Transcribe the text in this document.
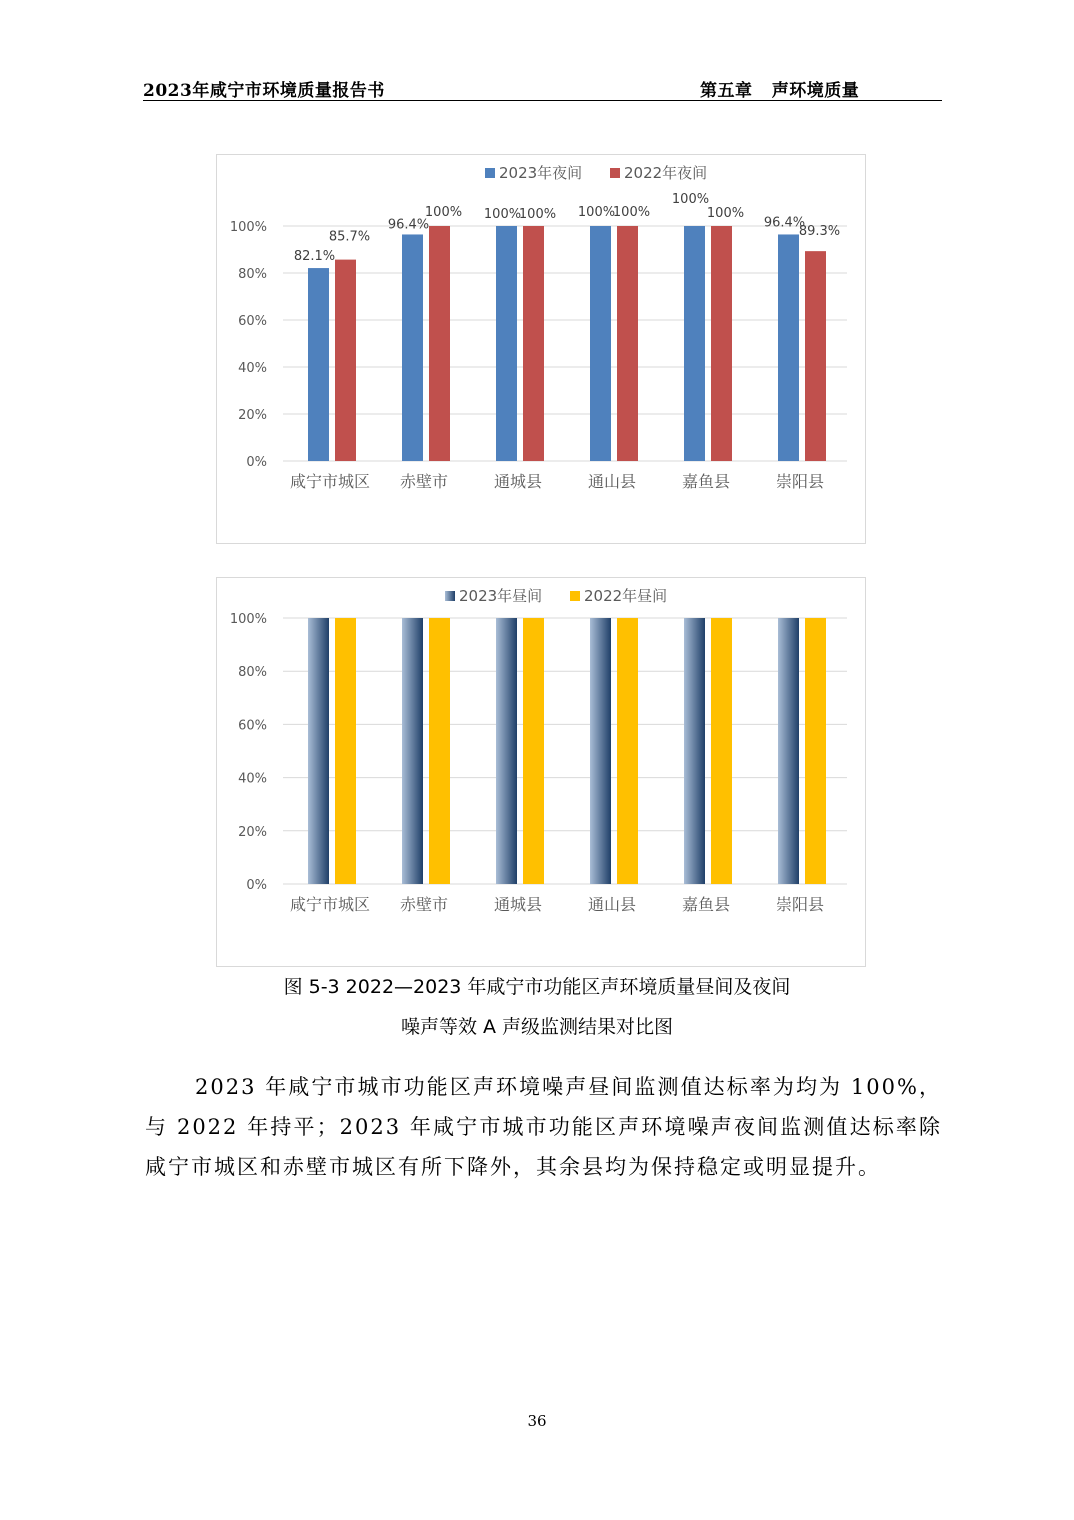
2023年咸宁市环境质量报告书	第五章   声环境质量
0%
20%
40%
60%
80%
100%
2023年夜间	2022年夜间
82.1%
85.7%
咸宁市城区
96.4%
100%
赤壁市
100%
100%
通城县
100%
100%
通山县
100%
100%
嘉鱼县
96.4%
89.3%
崇阳县
0%
20%
40%
60%
80%
100%
2023年昼间	2022年昼间
咸宁市城区 赤壁市	通城县	通山县	嘉鱼县	崇阳县
图 5-3 2022—2023 年咸宁市功能区声环境质量昼间及夜间
噪声等效 A 声级监测结果对比图
2023 年咸宁市城市功能区声环境噪声昼间监测值达标率为均为 100%，与 2022 年持平；2023 年咸宁市城市功能区声环境噪声夜间监测值达标率除咸宁市城区和赤壁市城区有所下降外，其余县均为保持稳定或明显提升。
36
